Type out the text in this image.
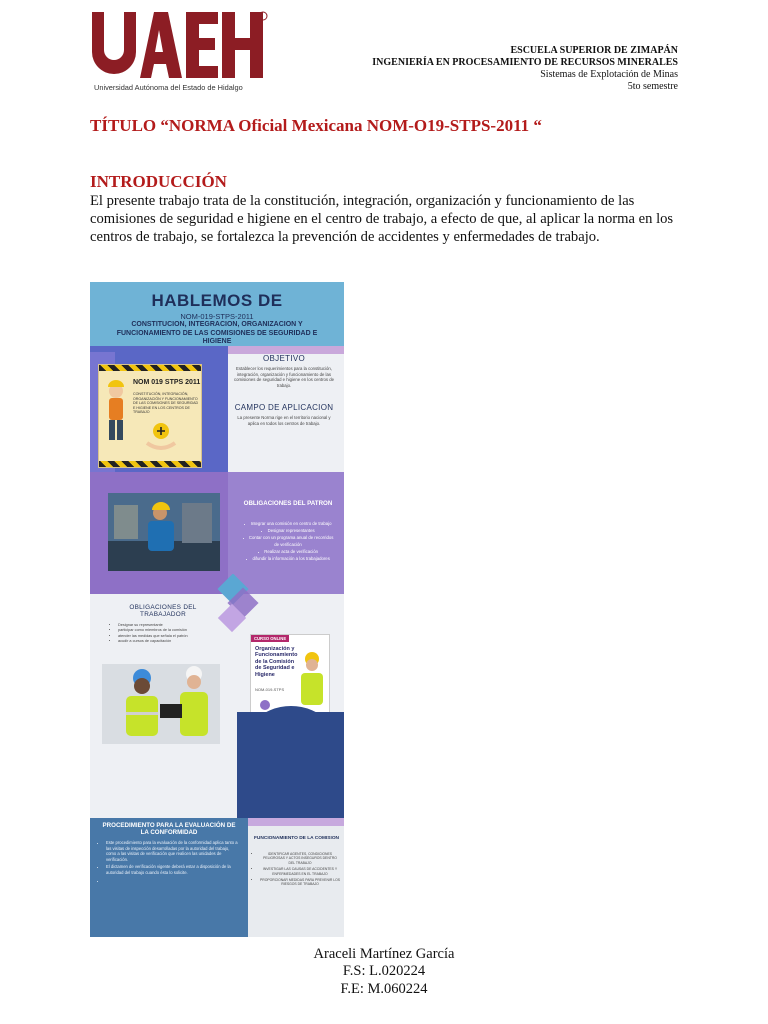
Universidad Autónoma del Estado de Hidalgo
ESCUELA SUPERIOR DE ZIMAPÁN
INGENIERÍA EN PROCESAMIENTO DE RECURSOS MINERALES
Sistemas de Explotación de Minas
5to semestre
TÍTULO “NORMA Oficial Mexicana NOM-O19-STPS-2011 “
INTRODUCCIÓN
El presente trabajo trata de la constitución, integración, organización y funcionamiento de las comisiones de seguridad e higiene en el centro de trabajo, a efecto de que, al aplicar la norma en los centros de trabajo, se fortalezca la prevención de accidentes y enfermedades de trabajo.
HABLEMOS DE
NOM-019-STPS-2011
CONSTITUCION, INTEGRACION, ORGANIZACION Y FUNCIONAMIENTO DE LAS COMISIONES DE SEGURIDAD E HIGIENE
NOM 019 STPS 2011
CONSTITUCIÓN, INTEGRACIÓN, ORGANIZACIÓN Y FUNCIONAMIENTO DE LAS COMISIONES DE SEGURIDAD E HIGIENE EN LOS CENTROS DE TRABAJO
OBJETIVO
Establecer los requerimientos para la constitución, integración, organización y funcionamiento de las comisiones de seguridad e higiene en los centros de trabajo.
CAMPO DE APLICACION
La presente Norma rige en el territorio nacional y aplica en todos los centros de trabajo.
OBLIGACIONES DEL PATRON
• Integrar una comisión en centro de trabajo
• Designar representantes
• Contar con un programa anual de recorridos de verificación
• Realizar acta de verificación
• difundir la información a los trabajadores
OBLIGACIONES DEL TRABAJADOR
• Designar su representante
• participar como miembros de la comisión
• atender las medidas que señala el patrón
• acudir a cursos de capacitación
CURSO ONLINE
Organización y Funcionamiento de la Comisión de Seguridad e Higiene
NOM-019-STPS
PROCEDIMIENTO PARA LA EVALUACIÓN DE LA CONFORMIDAD
• Este procedimiento para la evaluación de la conformidad aplica tanto a las visitas de inspección desarrolladas por la autoridad del trabajo, como a las visitas de verificación que realicen las unidades de verificación.
• El dictamen de verificación vigente deberá estar a disposición de la autoridad del trabajo cuando ésta lo solicite.
•
FUNCIONAMIENTO DE LA COMISION
• IDENTIFICAR AGENTES, CONDICIONES PELIGROSAS Y ACTOS INSEGUROS DENTRO DEL TRABAJO
• INVESTIGAR LAS CAUSAS DE ACCIDENTES Y ENFERMEDADES EN EL TRABAJO
• PROPORCIONAR MEDIDAS PARA PREVENIR LOS RIESGOS DE TRABAJO
Araceli Martínez García
F.S: L.020224
F.E: M.060224
